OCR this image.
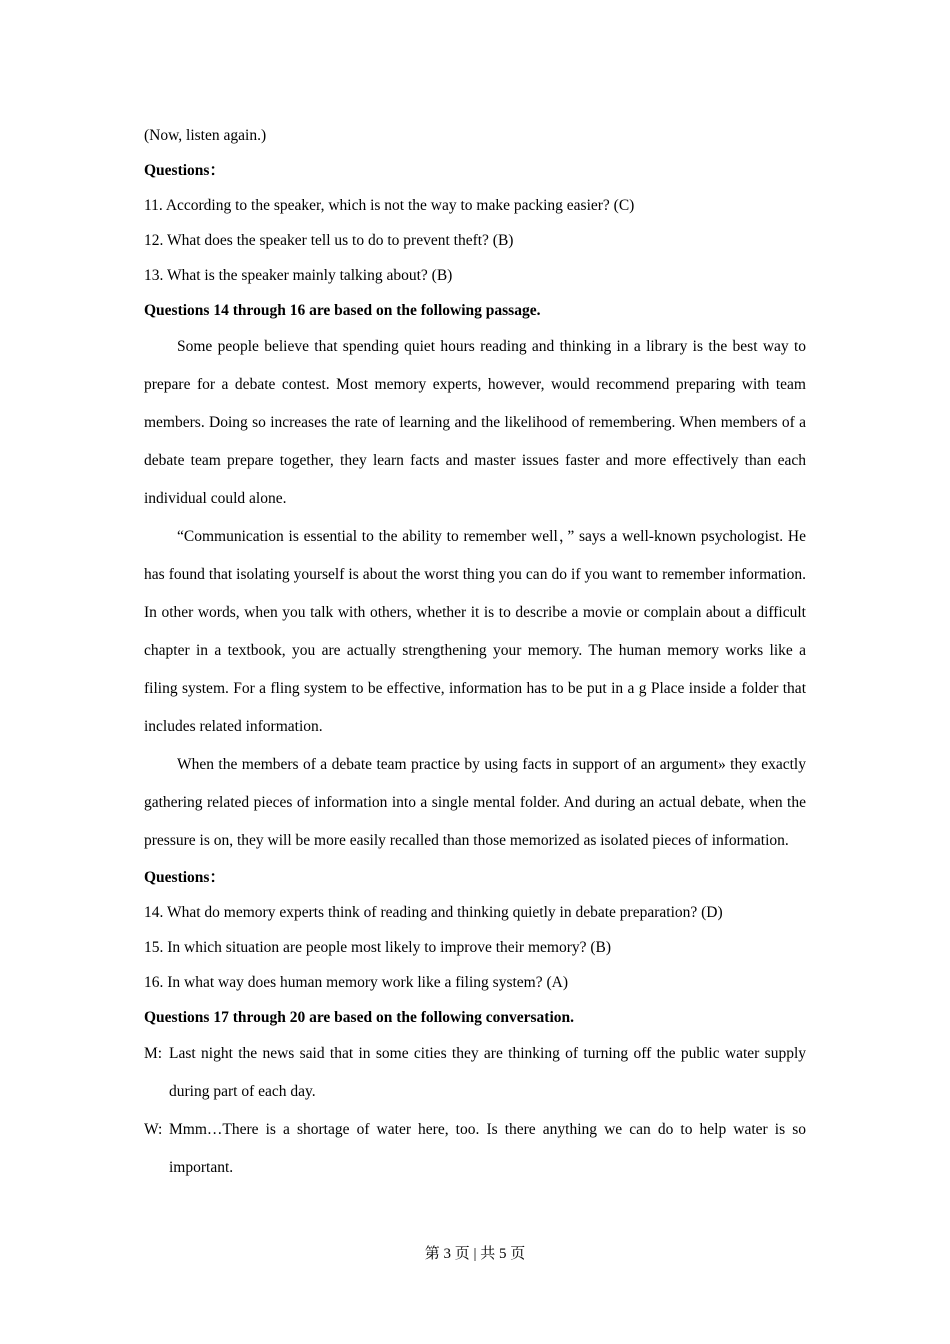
(Now, listen again.)

Questions：

11. According to the speaker, which is not the way to make packing easier? (C)

12. What does the speaker tell us to do to prevent theft? (B)

13. What is the speaker mainly talking about? (B)

Questions 14 through 16 are based on the following passage.

Some people believe that spending quiet hours reading and thinking in a library is the best way to prepare for a debate contest. Most memory experts, however, would recommend preparing with team members. Doing so increases the rate of learning and the likelihood of remembering. When members of a debate team prepare together, they learn facts and master issues faster and more effectively than each individual could alone.

“Communication is essential to the ability to remember well，” says a well-known psychologist. He has found that isolating yourself is about the worst thing you can do if you want to remember information. In other words, when you talk with others, whether it is to describe a movie or complain about a difficult chapter in a textbook, you are actually strengthening your memory. The human memory works like a filing system. For a fling system to be effective, information has to be put in a g Place inside a folder that includes related information.

When the members of a debate team practice by using facts in support of an argument» they exactly gathering related pieces of information into a single mental folder. And during an actual debate, when the pressure is on, they will be more easily recalled than those memorized as isolated pieces of information.

Questions：

14. What do memory experts think of reading and thinking quietly in debate preparation? (D)

15. In which situation are people most likely to improve their memory? (B)

16. In what way does human memory work like a filing system? (A)

Questions 17 through 20 are based on the following conversation.

M: Last night the news said that in some cities they are thinking of turning off the public water supply during part of each day.
W: Mmm…There is a shortage of water here, too. Is there anything we can do to help water is so important.
第 3 页 | 共 5 页
